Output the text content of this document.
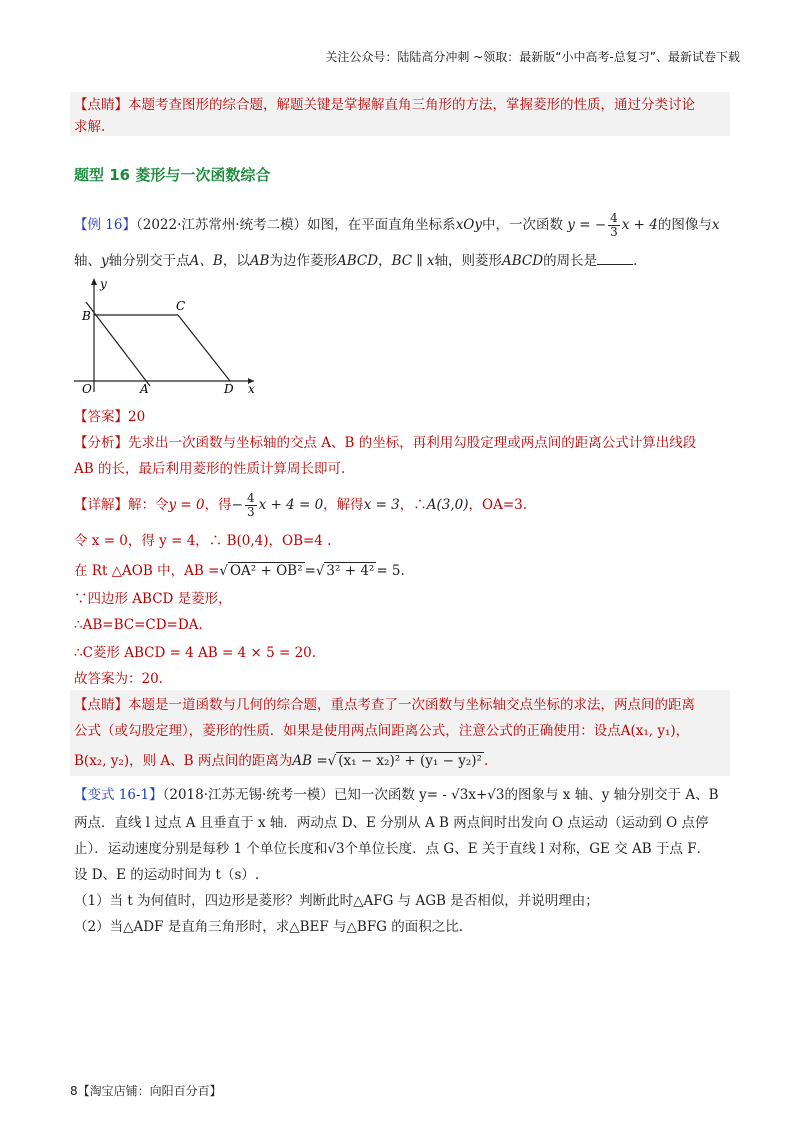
关注公众号：陆陆高分冲刺 ~领取：最新版“小中高考-总复习”、最新试卷下载
【点睛】本题考查图形的综合题，解题关键是掌握解直角三角形的方法，掌握菱形的性质，通过分类讨论
求解.
题型 16 菱形与一次函数综合
【例 16】（2022·江苏常州·统考二模）如图，在平面直角坐标系xOy中，一次函数 y = − $\frac{4}{3}$ x + 4的图像与x
轴、y轴分别交于点A、B，以AB为边作菱形ABCD，BC ∥ x轴，则菱形ABCD的周长是	.
y
x
O	A
B
C
D
【答案】20
【分析】先求出一次函数与坐标轴的交点 A、B 的坐标，再利用勾股定理或两点间的距离公式计算出线段
AB 的长，最后利用菱形的性质计算周长即可.
【详解】解：令y = 0，得− $\frac{4}{3}$ x + 4 = 0，解得x = 3，∴A(3,0)，OA=3.
令 x = 0，得 y = 4，∴ B(0,4)，OB=4 .
在 Rt △AOB 中，AB =√ OA² + OB² =√ 3² + 4² = 5.
∵四边形 ABCD 是菱形，
∴AB=BC=CD=DA.
∴C菱形 ABCD = 4 AB = 4 × 5 = 20.
故答案为：20.
【点睛】本题是一道函数与几何的综合题，重点考查了一次函数与坐标轴交点坐标的求法，两点间的距离
公式（或勾股定理），菱形的性质．如果是使用两点间距离公式，注意公式的正确使用：设点A(x₁, y₁)，
B(x₂, y₂)，则 A、B 两点间的距离为AB =√ (x₁ − x₂)² + (y₁ − y₂)² .
【变式 16-1】（2018·江苏无锡·统考一模）已知一次函数 y= - √3x+√3的图象与 x 轴、y 轴分别交于 A、B
两点．直线 l 过点 A 且垂直于 x 轴．两动点 D、E 分别从 A B 两点间时出发向 O 点运动（运动到 O 点停
止）．运动速度分别是每秒 1 个单位长度和√3个单位长度．点 G、E 关于直线 l 对称，GE 交 AB 于点 F．
设 D、E 的运动时间为 t（s）.
（1）当 t 为何值时，四边形是菱形？判断此时△AFG 与 AGB 是否相似，并说明理由；
（2）当△ADF 是直角三角形时，求△BEF 与△BFG 的面积之比.
8【淘宝店铺：向阳百分百】
